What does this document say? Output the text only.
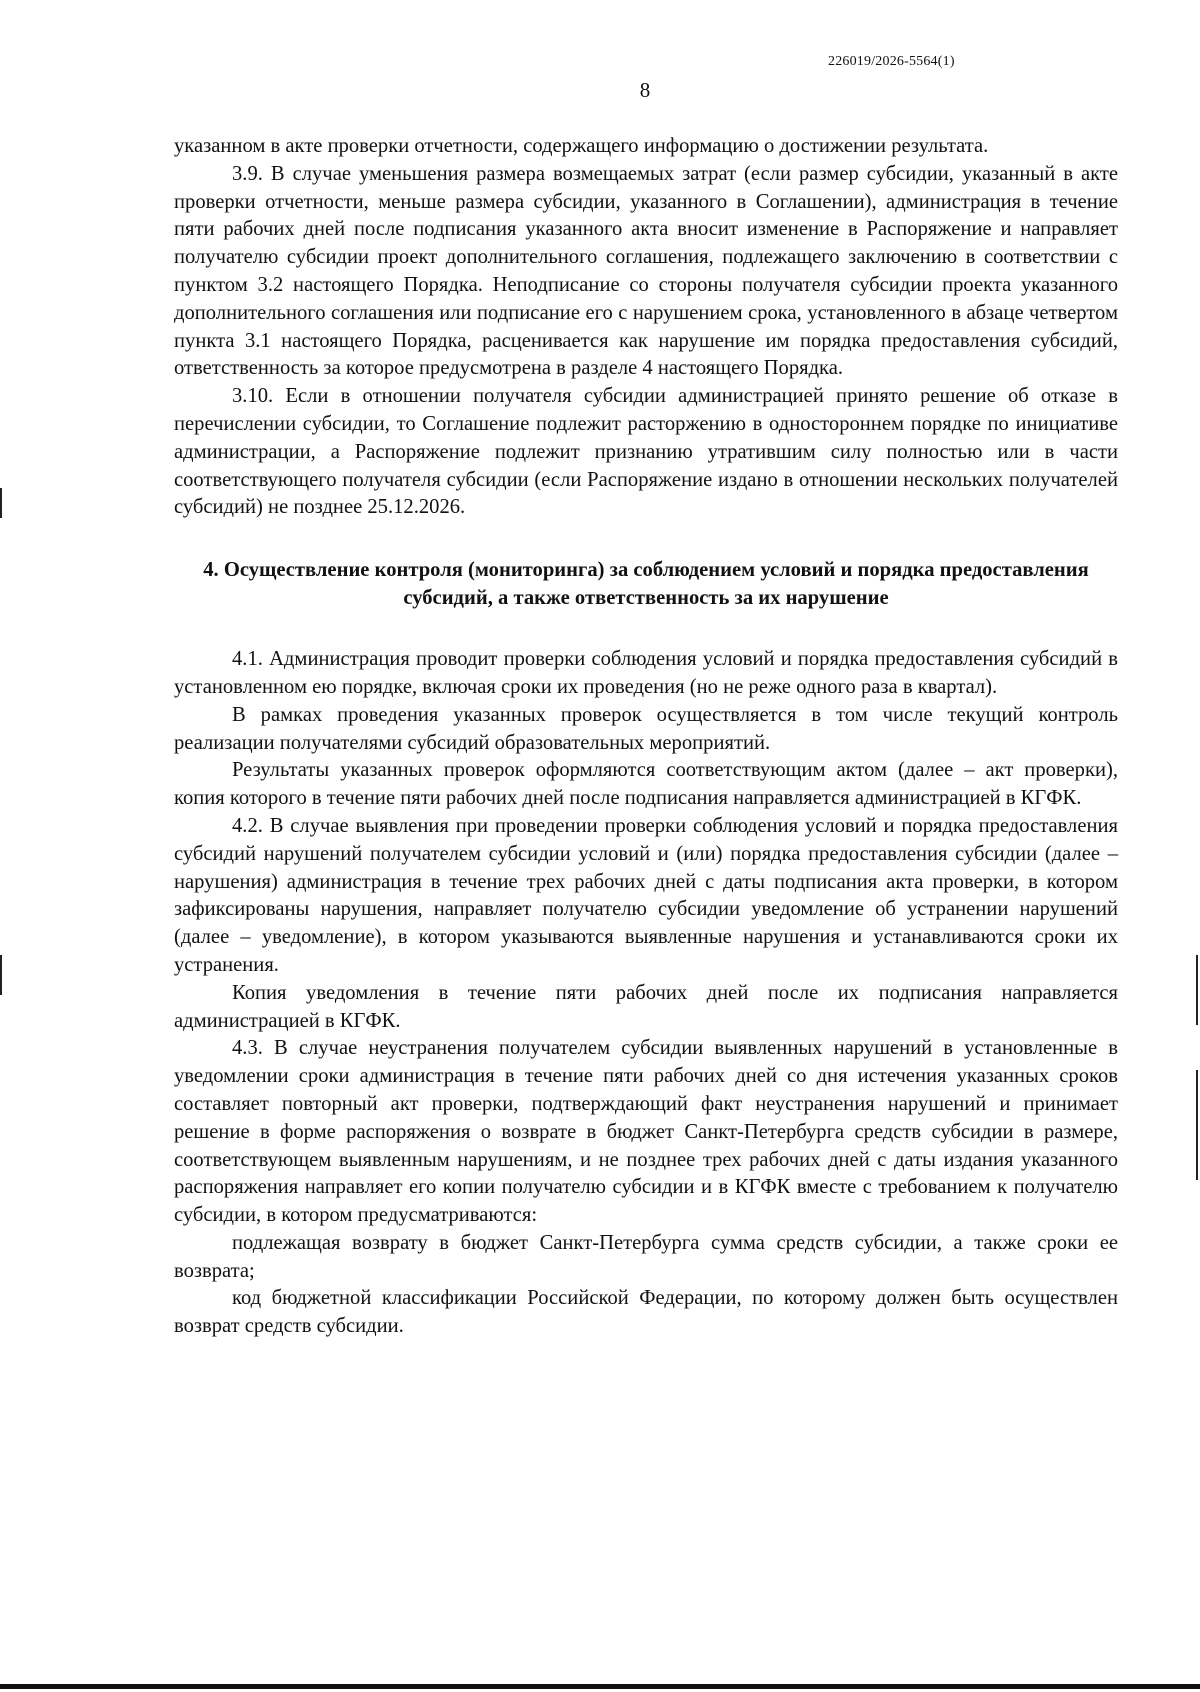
226019/2026-5564(1)
8

указанном в акте проверки отчетности, содержащего информацию о достижении результата.

3.9. В случае уменьшения размера возмещаемых затрат (если размер субсидии, указанный в акте проверки отчетности, меньше размера субсидии, указанного в Соглашении), администрация в течение пяти рабочих дней после подписания указанного акта вносит изменение в Распоряжение и направляет получателю субсидии проект дополнительного соглашения, подлежащего заключению в соответствии с пунктом 3.2 настоящего Порядка. Неподписание со стороны получателя субсидии проекта указанного дополнительного соглашения или подписание его с нарушением срока, установленного в абзаце четвертом пункта 3.1 настоящего Порядка, расценивается как нарушение им порядка предоставления субсидий, ответственность за которое предусмотрена в разделе 4 настоящего Порядка.

3.10. Если в отношении получателя субсидии администрацией принято решение об отказе в перечислении субсидии, то Соглашение подлежит расторжению в одностороннем порядке по инициативе администрации, а Распоряжение подлежит признанию утратившим силу полностью или в части соответствующего получателя субсидии (если Распоряжение издано в отношении нескольких получателей субсидий) не позднее 25.12.2026.

4. Осуществление контроля (мониторинга) за соблюдением условий и порядка предоставления субсидий, а также ответственность за их нарушение

4.1. Администрация проводит проверки соблюдения условий и порядка предоставления субсидий в установленном ею порядке, включая сроки их проведения (но не реже одного раза в квартал).

В рамках проведения указанных проверок осуществляется в том числе текущий контроль реализации получателями субсидий образовательных мероприятий.

Результаты указанных проверок оформляются соответствующим актом (далее – акт проверки), копия которого в течение пяти рабочих дней после подписания направляется администрацией в КГФК.

4.2. В случае выявления при проведении проверки соблюдения условий и порядка предоставления субсидий нарушений получателем субсидии условий и (или) порядка предоставления субсидии (далее – нарушения) администрация в течение трех рабочих дней с даты подписания акта проверки, в котором зафиксированы нарушения, направляет получателю субсидии уведомление об устранении нарушений (далее – уведомление), в котором указываются выявленные нарушения и устанавливаются сроки их устранения.

Копия уведомления в течение пяти рабочих дней после их подписания направляется администрацией в КГФК.

4.3. В случае неустранения получателем субсидии выявленных нарушений в установленные в уведомлении сроки администрация в течение пяти рабочих дней со дня истечения указанных сроков составляет повторный акт проверки, подтверждающий факт неустранения нарушений и принимает решение в форме распоряжения о возврате в бюджет Санкт-Петербурга средств субсидии в размере, соответствующем выявленным нарушениям, и не позднее трех рабочих дней с даты издания указанного распоряжения направляет его копии получателю субсидии и в КГФК вместе с требованием к получателю субсидии, в котором предусматриваются:

подлежащая возврату в бюджет Санкт-Петербурга сумма средств субсидии, а также сроки ее возврата;

код бюджетной классификации Российской Федерации, по которому должен быть осуществлен возврат средств субсидии.
